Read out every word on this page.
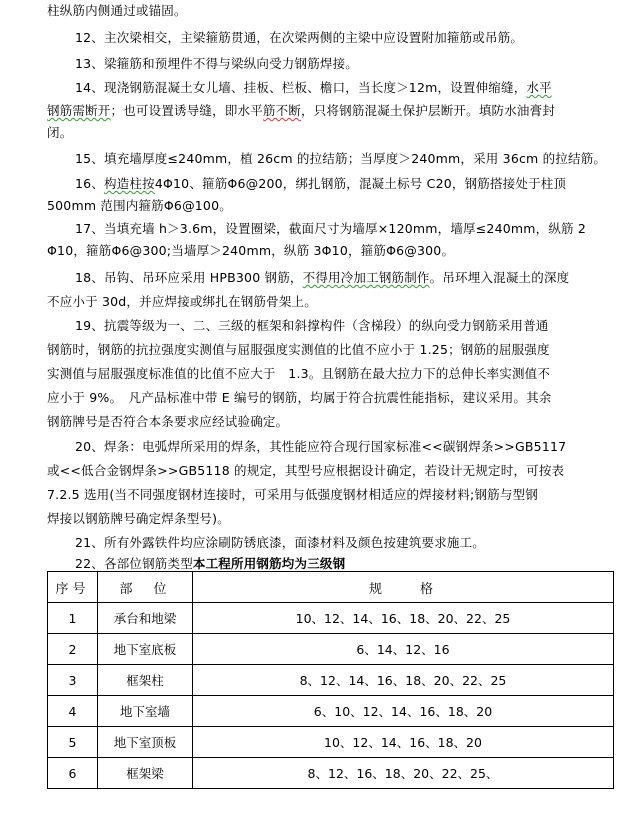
柱纵筋内侧通过或锚固。
12、主次梁相交，主梁箍筋贯通，在次梁两侧的主梁中应设置附加箍筋或吊筋。
13、梁箍筋和预埋件不得与梁纵向受力钢筋焊接。
14、现浇钢筋混凝土女儿墙、挂板、栏板、檐口，当长度＞12m，设置伸缩缝，水平
钢筋需断开；也可设置诱导缝，即水平筋不断，只将钢筋混凝土保护层断开。填防水油膏封
闭。
15、填充墙厚度≤240mm，植 26cm 的拉结筋；当厚度＞240mm，采用 36cm 的拉结筋。
16、构造柱按4Φ10、箍筋Φ6@200，绑扎钢筋，混凝土标号 C20，钢筋搭接处于柱顶
500mm 范围内箍筋Φ6@100。
17、当填充墙 h＞3.6m，设置圈梁，截面尺寸为墙厚×120mm，墙厚≤240mm，纵筋 2
Φ10，箍筋Φ6@300;当墙厚＞240mm，纵筋 3Φ10，箍筋Φ6@300。
18、吊钩、吊环应采用 HPB300 钢筋，不得用冷加工钢筋制作。吊环埋入混凝土的深度
不应小于 30d，并应焊接或绑扎在钢筋骨架上。
19、抗震等级为一、二、三级的框架和斜撑构件（含梯段）的纵向受力钢筋采用普通
钢筋时，钢筋的抗拉强度实测值与屈服强度实测值的比值不应小于 1.25；钢筋的屈服强度
实测值与屈服强度标准值的比值不应大于　1.3。且钢筋在最大拉力下的总伸长率实测值不
应小于 9%。　凡产品标准中带 E 编号的钢筋，均属于符合抗震性能指标，建议采用。其余
钢筋牌号是否符合本条要求应经试验确定。
20、焊条：电弧焊所采用的焊条，其性能应符合现行国家标准<<碳钢焊条>>GB5117
或<<低合金钢焊条>>GB5118 的规定，其型号应根据设计确定，若设计无规定时，可按表
7.2.5 选用(当不同强度钢材连接时，可采用与低强度钢材相适应的焊接材料;钢筋与型钢
焊接以钢筋牌号确定焊条型号)。
21、所有外露铁件均应涂刷防锈底漆，面漆材料及颜色按建筑要求施工。
22、各部位钢筋类型本工程所用钢筋均为三级钢
序号	部　位	规　　格
1	承台和地梁	10、12、14、16、18、20、22、25
2	地下室底板	6、14、12、16
3	框架柱	8、12、14、16、18、20、22、25
4	地下室墙	6、10、12、14、16、18、20
5	地下室顶板	10、12、14、16、18、20
6	框架梁	8、12、16、18、20、22、25、
